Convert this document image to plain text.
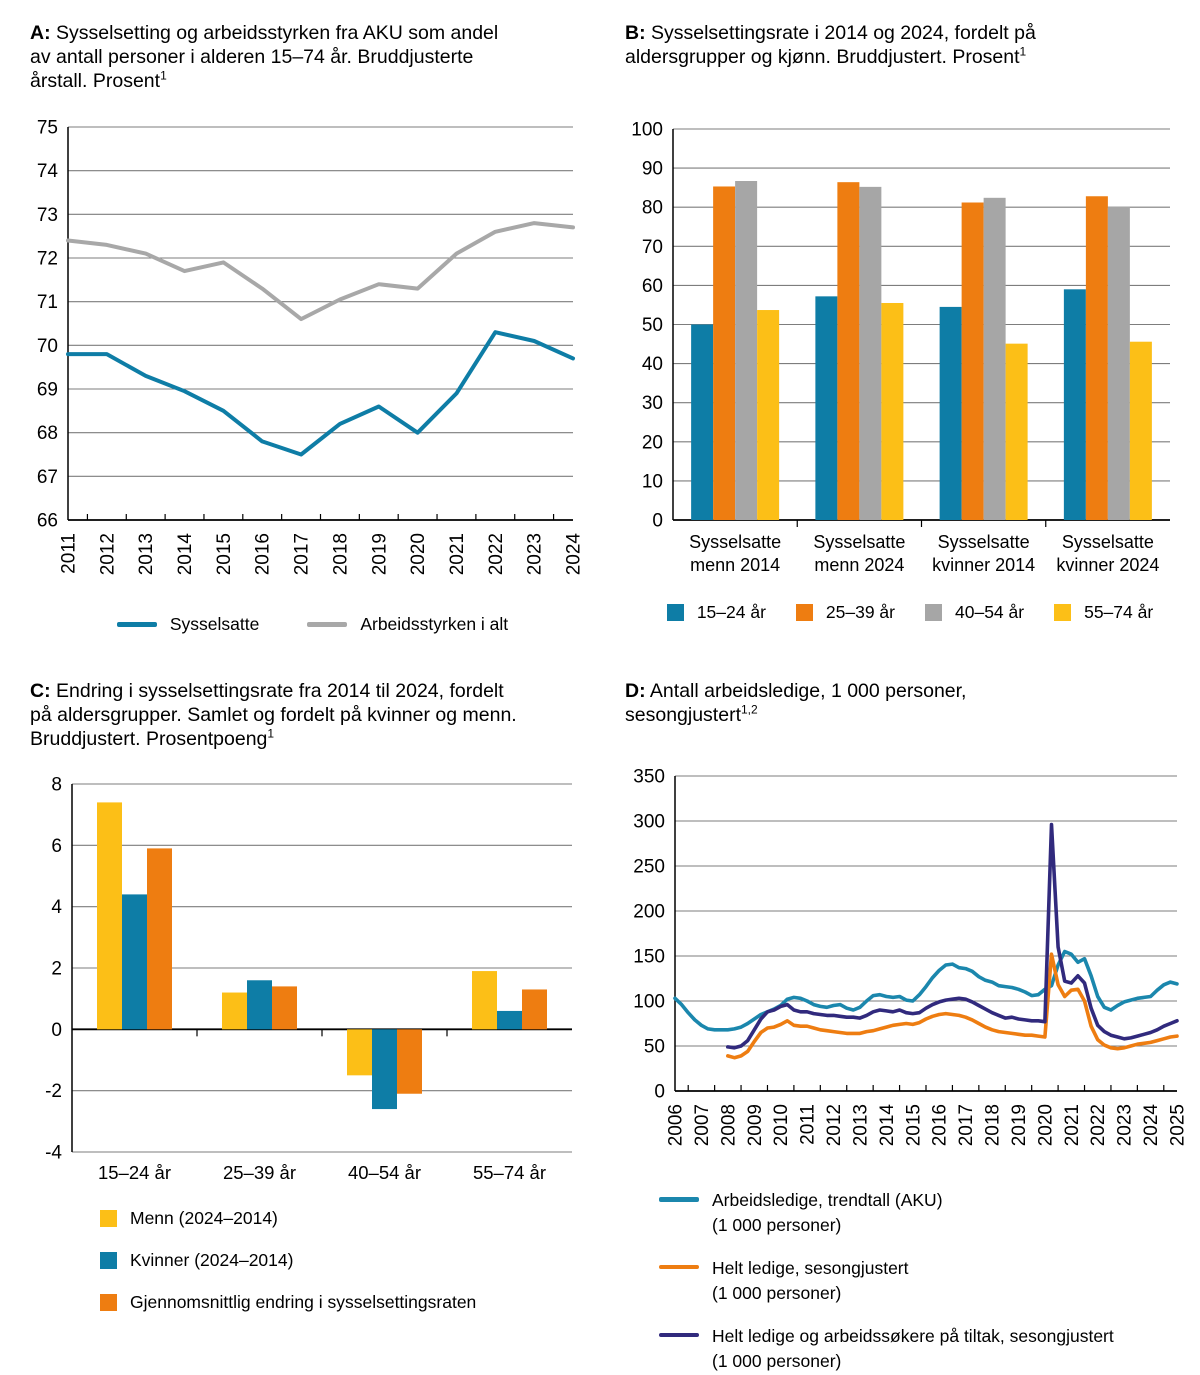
A: Sysselsetting og arbeidsstyrken fra AKU som andel av antall personer i alderen 15–74 år. Bruddjusterte årstall. Prosent$^1$
66
67
68
69
70
71
72
73
74
75
2011 2012 2013 2014 2015 2016 2017 2018 2019 2020 2021 2022 2023 2024
Sysselsatte	Arbeidsstyrken i alt
B: Sysselsettingsrate i 2014 og 2024, fordelt på aldersgrupper og kjønn. Bruddjustert. Prosent$^1$
0
10
20
30
40
50
60
70
80
90
100
Sysselsatte
menn 2014
Sysselsatte
menn 2024
Sysselsatte
kvinner 2014
Sysselsatte
kvinner 2024
15–24 år	25–39 år	40–54 år	55–74 år
C: Endring i sysselsettingsrate fra 2014 til 2024, fordelt på aldersgrupper. Samlet og fordelt på kvinner og menn. Bruddjustert. Prosentpoeng$^1$
-4
-2
0
2
4
6
8
15–24 år	25–39 år	40–54 år	55–74 år
Menn (2024–2014)
Kvinner (2024–2014)
Gjennomsnittlig endring i sysselsettingsraten
D: Antall arbeidsledige, 1 000 personer, sesongjustert$^{1,2}$
0
50
100
150
200
250
300
350
2006 2007 2008 2009 2010 2011 2012 2013 2014 2015 2016 2017 2018 2019 2020 2021 2022 2023 2024 2025
Arbeidsledige, trendtall (AKU)
(1 000 personer)
Helt ledige, sesongjustert
(1 000 personer)
Helt ledige og arbeidssøkere på tiltak, sesongjustert
(1 000 personer)
